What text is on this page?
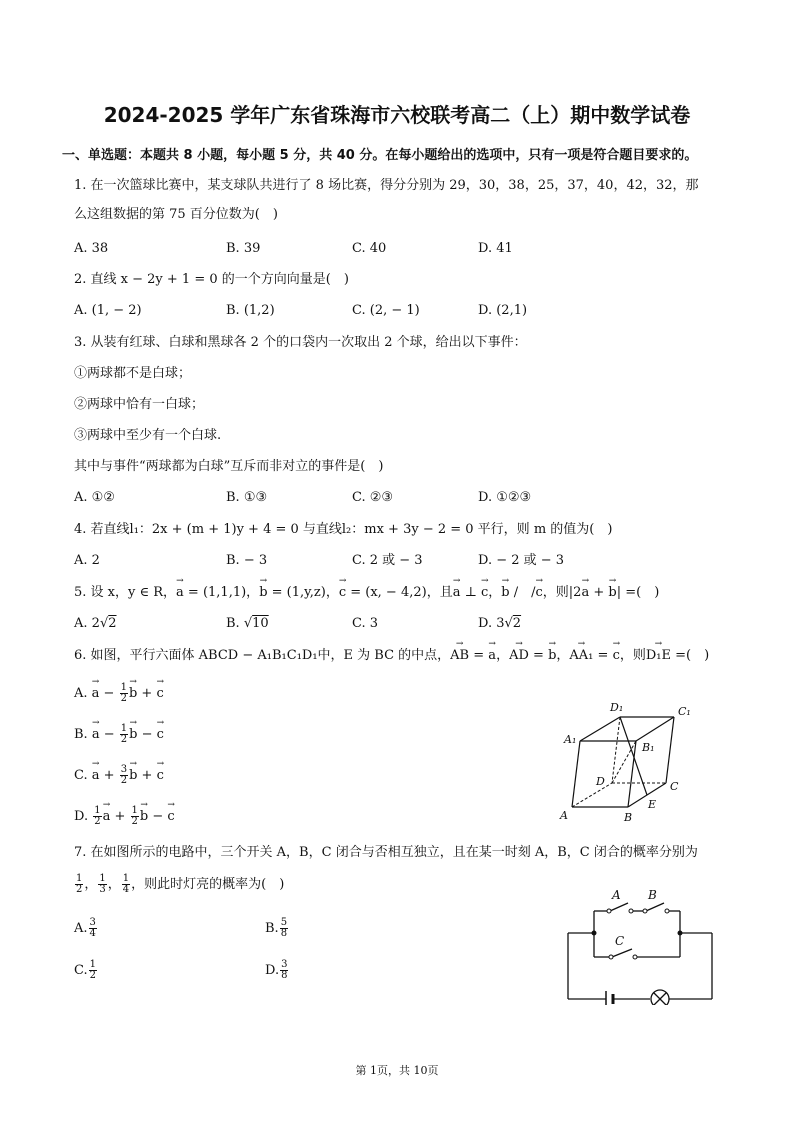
2024-2025 学年广东省珠海市六校联考高二（上）期中数学试卷
一、单选题：本题共 8 小题，每小题 5 分，共 40 分。在每小题给出的选项中，只有一项是符合题目要求的。
1. 在一次篮球比赛中，某支球队共进行了 8 场比赛，得分分别为 29，30，38，25，37，40，42，32，那
么这组数据的第 75 百分位数为(　)
A. 38	B. 39	C. 40	D. 41
2. 直线 x − 2y + 1 = 0 的一个方向向量是(　)
A. (1, − 2)	B. (1,2)	C. (2, − 1)	D. (2,1)
3. 从装有红球、白球和黑球各 2 个的口袋内一次取出 2 个球，给出以下事件：
①两球都不是白球；
②两球中恰有一白球；
③两球中至少有一个白球.
其中与事件“两球都为白球”互斥而非对立的事件是(　)
A. ①②	B. ①③	C. ②③	D. ①②③
4. 若直线l₁：2x + (m + 1)y + 4 = 0 与直线l₂：mx + 3y − 2 = 0 平行，则 m 的值为(　)
A. 2	B. − 3	C. 2 或 − 3	D. − 2 或 − 3
5. 设 x，y ∈ R，→ a = (1,1,1)，→ b = (1,y,z)，→ c = (x, − 4,2)，且→ a ⊥ → c，→ b /　/→ c，则|2→ a + → b| =(　)
A. 2√2	B. √10	C. 3	D. 3√2
6. 如图，平行六面体 ABCD − A₁B₁C₁D₁中，E 为 BC 的中点，→ AB = → a，→ AD = → b，→ AA₁ = → c，则→ D₁E =(　)
A. → $a - \frac{1}{2} \to b$ + → c
B. → $a - \frac{1}{2} \to b$ − → c
C. → $a + \frac{3}{2} \to b$ + → c
D. $\frac{1}{2} \to a + \frac{1}{2} \to b$ − → c
D₁	C₁
A₁
B₁
D	C
A	B
E
7. 在如图所示的电路中，三个开关 A，B，C 闭合与否相互独立，且在某一时刻 A，B，C 闭合的概率分别为
$\frac{1}{2}$ ， $\frac{1}{3}$ ， $\frac{1}{4}$ ，则此时灯亮的概率为(　)
A. $\frac{3}{4}$	B. $\frac{5}{8}$
C. $\frac{1}{2}$	D. $\frac{3}{8}$
A B
C
第 1页，共 10页
